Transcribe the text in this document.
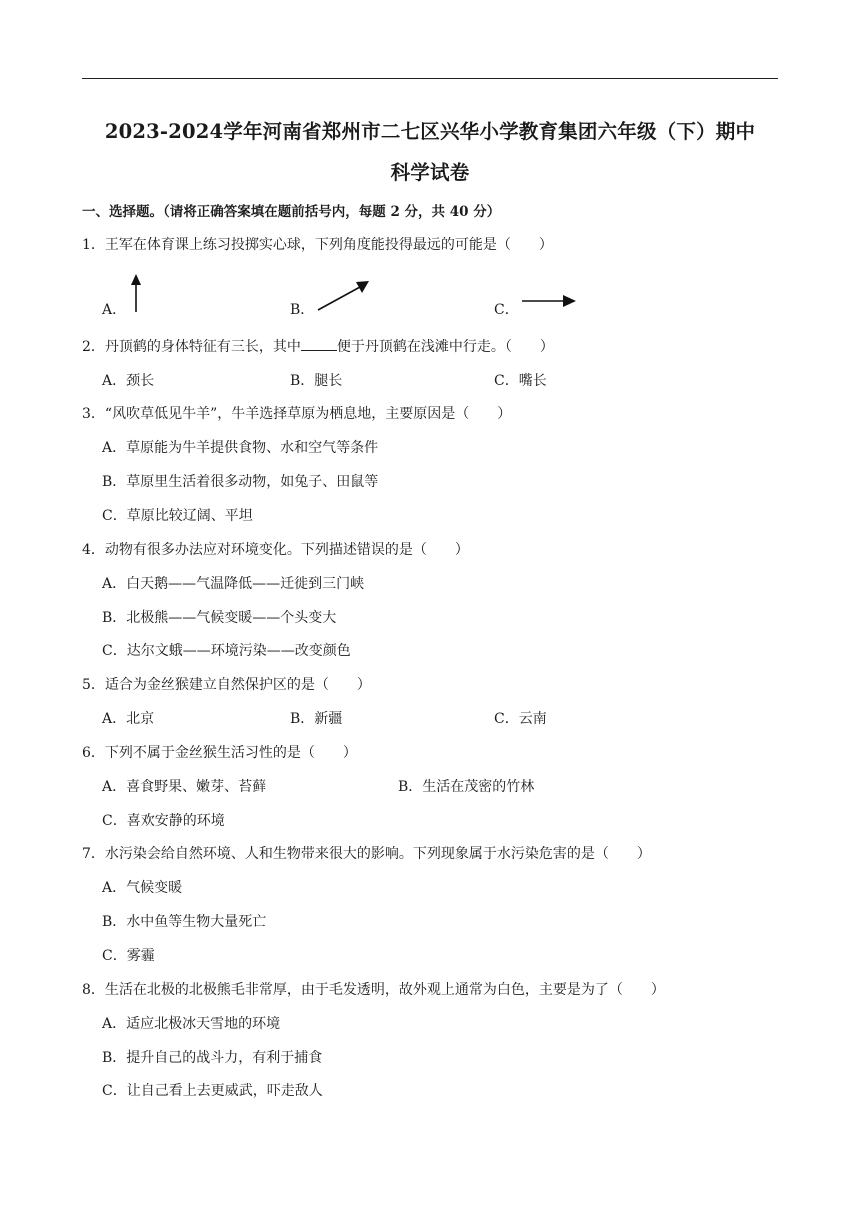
2023-2024学年河南省郑州市二七区兴华小学教育集团六年级（下）期中
科学试卷
一、选择题。（请将正确答案填在题前括号内，每题 2 分，共 40 分）
1．王军在体育课上练习投掷实心球，下列角度能投得最远的可能是（　　）
A．	B．	C．
2．丹顶鹤的身体特征有三长，其中	便于丹顶鹤在浅滩中行走。（　　）
A．颈长	B．腿长	C．嘴长
3．“风吹草低见牛羊”，牛羊选择草原为栖息地，主要原因是（　　）
A．草原能为牛羊提供食物、水和空气等条件
B．草原里生活着很多动物，如兔子、田鼠等
C．草原比较辽阔、平坦
4．动物有很多办法应对环境变化。下列描述错误的是（　　）
A．白天鹅——气温降低——迁徙到三门峡
B．北极熊——气候变暖——个头变大
C．达尔文蛾——环境污染——改变颜色
5．适合为金丝猴建立自然保护区的是（　　）
A．北京	B．新疆	C．云南
6．下列不属于金丝猴生活习性的是（　　）
A．喜食野果、嫩芽、苔藓	B．生活在茂密的竹林
C．喜欢安静的环境
7．水污染会给自然环境、人和生物带来很大的影响。下列现象属于水污染危害的是（　　）
A．气候变暖
B．水中鱼等生物大量死亡
C．雾霾
8．生活在北极的北极熊毛非常厚，由于毛发透明，故外观上通常为白色，主要是为了（　　）
A．适应北极冰天雪地的环境
B．提升自己的战斗力，有利于捕食
C．让自己看上去更威武，吓走敌人
